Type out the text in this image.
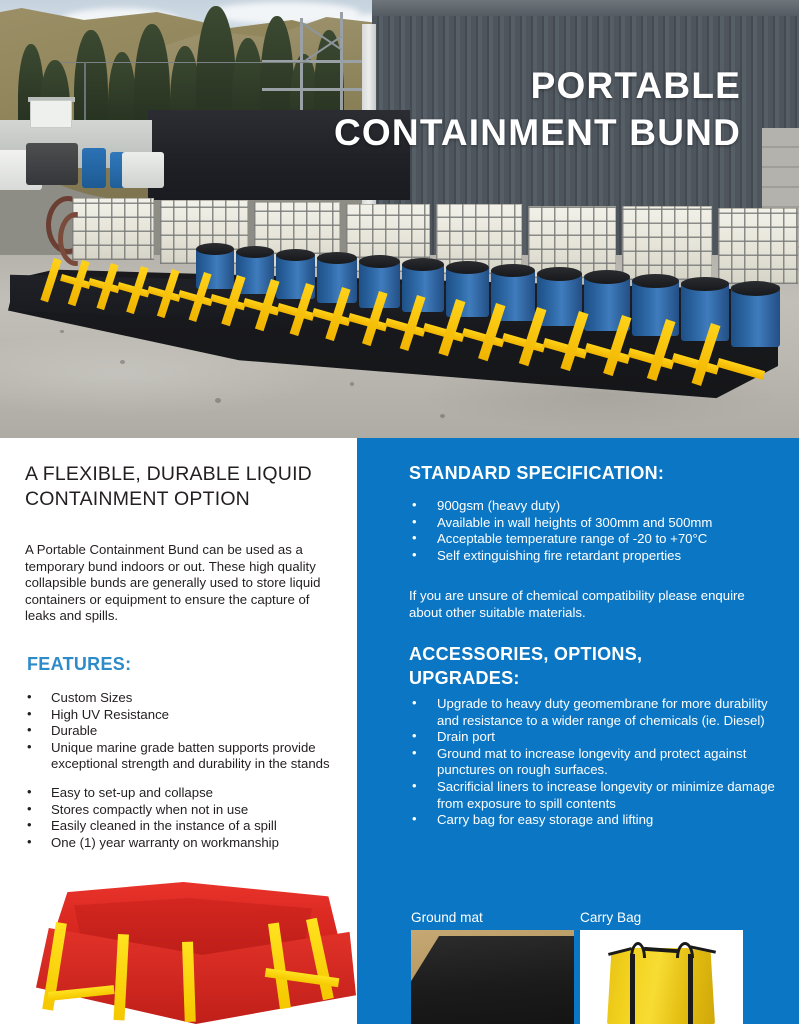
PORTABLE
CONTAINMENT BUND
A FLEXIBLE, DURABLE LIQUID CONTAINMENT OPTION

A Portable Containment Bund can be used as a temporary bund indoors or out. These high quality collapsible bunds are generally used to store liquid containers or equipment to ensure the capture of leaks and spills.

FEATURES:
• Custom Sizes
• High UV Resistance
• Durable
• Unique marine grade batten supports provide exceptional strength and durability in the stands
• Easy to set-up and collapse
• Stores compactly when not in use
• Easily cleaned in the instance of a spill
• One (1) year warranty on workmanship
STANDARD SPECIFICATION:
• 900gsm (heavy duty)
• Available in wall heights of 300mm and 500mm
• Acceptable temperature range of -20 to +70°C
• Self extinguishing fire retardant properties

If you are unsure of chemical compatibility please enquire about other suitable materials.

ACCESSORIES, OPTIONS, UPGRADES:
• Upgrade to heavy duty geomembrane for more durability and resistance to a wider range of chemicals (ie. Diesel)
• Drain port
• Ground mat to increase longevity and protect against punctures on rough surfaces.
• Sacrificial liners to increase longevity or minimize damage from exposure to spill contents
• Carry bag for easy storage and lifting
Ground mat	Carry Bag
